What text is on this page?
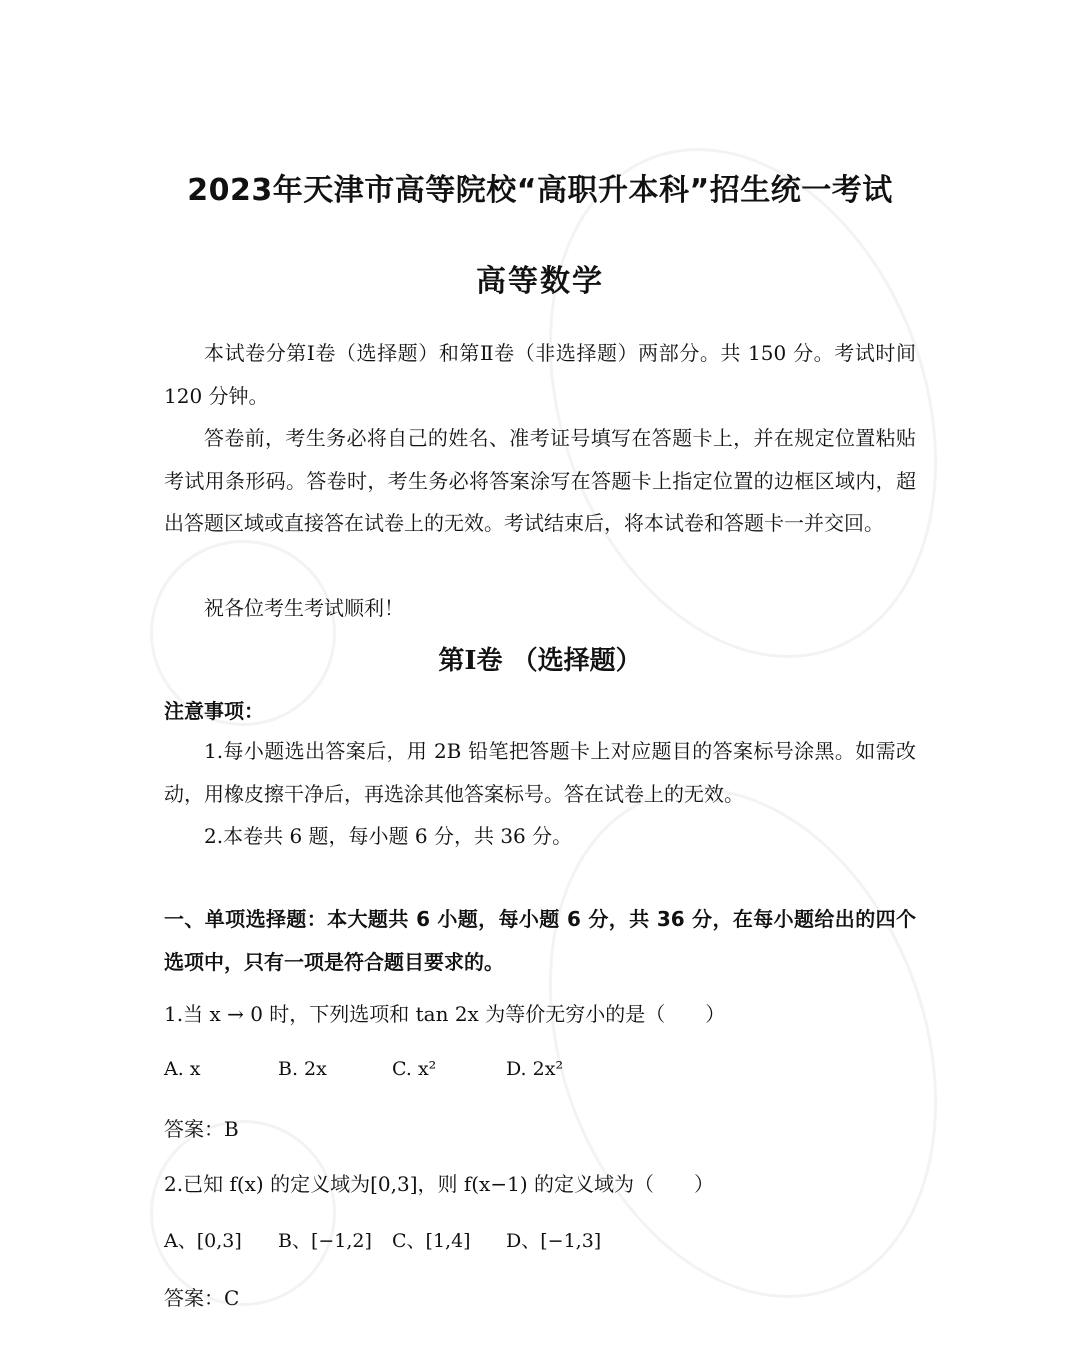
2023年天津市高等院校“高职升本科”招生统一考试
高等数学

本试卷分第Ⅰ卷（选择题）和第Ⅱ卷（非选择题）两部分。共 150 分。考试时间 120 分钟。

答卷前，考生务必将自己的姓名、准考证号填写在答题卡上，并在规定位置粘贴考试用条形码。答卷时，考生务必将答案涂写在答题卡上指定位置的边框区域内，超出答题区域或直接答在试卷上的无效。考试结束后，将本试卷和答题卡一并交回。

祝各位考生考试顺利！

第Ⅰ卷 （选择题）
注意事项：

1.每小题选出答案后，用 2B 铅笔把答题卡上对应题目的答案标号涂黑。如需改动，用橡皮擦干净后，再选涂其他答案标号。答在试卷上的无效。

2.本卷共 6 题，每小题 6 分，共 36 分。

一、单项选择题：本大题共 6 小题，每小题 6 分，共 36 分，在每小题给出的四个选项中，只有一项是符合题目要求的。

1.当 x → 0 时，下列选项和 tan 2x 为等价无穷小的是（　　）
A. x	B. 2x	C. x²	D. 2x²
答案：B
2.已知 f(x) 的定义域为[0,3]，则 f(x−1) 的定义域为（　　）
A、[0,3] B、[−1,2] C、[1,4] D、[−1,3]
答案：C
